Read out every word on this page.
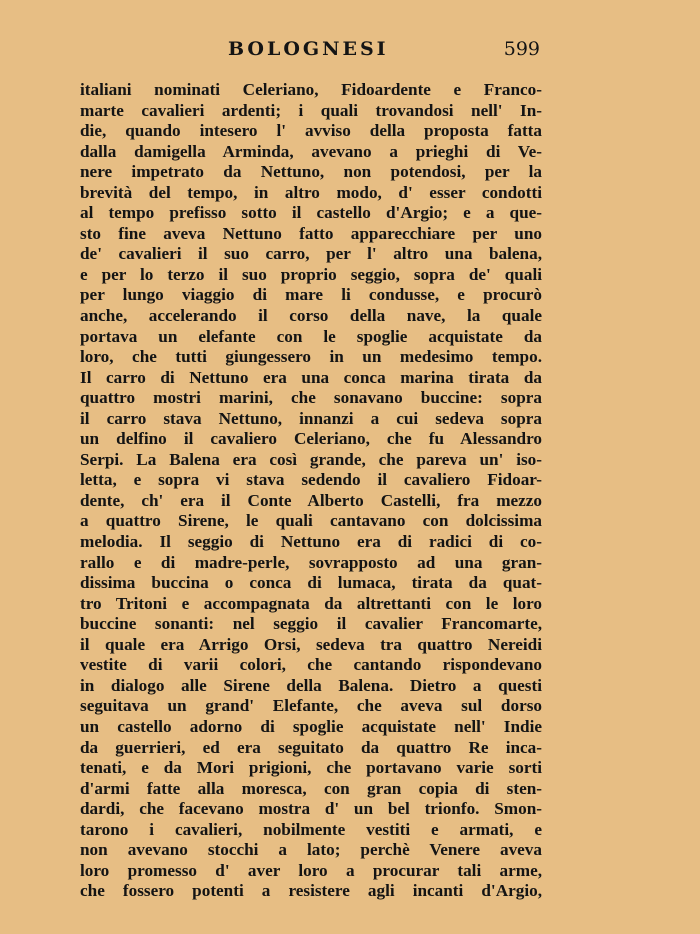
BOLOGNESI	599
italiani nominati Celeriano, Fidoardente e Franco-
marte cavalieri ardenti; i quali trovandosi nell' In-
die, quando intesero l' avviso della proposta fatta
dalla damigella Arminda, avevano a prieghi di Ve-
nere impetrato da Nettuno, non potendosi, per la
brevità del tempo, in altro modo, d' esser condotti
al tempo prefisso sotto il castello d'Argio; e a que-
sto fine aveva Nettuno fatto apparecchiare per uno
de' cavalieri il suo carro, per l' altro una balena,
e per lo terzo il suo proprio seggio, sopra de' quali
per lungo viaggio di mare li condusse, e procurò
anche, accelerando il corso della nave, la quale
portava un elefante con le spoglie acquistate da
loro, che tutti giungessero in un medesimo tempo.
Il carro di Nettuno era una conca marina tirata da
quattro mostri marini, che sonavano buccine: sopra
il carro stava Nettuno, innanzi a cui sedeva sopra
un delfino il cavaliero Celeriano, che fu Alessandro
Serpi. La Balena era così grande, che pareva un' iso-
letta, e sopra vi stava sedendo il cavaliero Fidoar-
dente, ch' era il Conte Alberto Castelli, fra mezzo
a quattro Sirene, le quali cantavano con dolcissima
melodia. Il seggio di Nettuno era di radici di co-
rallo e di madre-perle, sovrapposto ad una gran-
dissima buccina o conca di lumaca, tirata da quat-
tro Tritoni e accompagnata da altrettanti con le loro
buccine sonanti: nel seggio il cavalier Francomarte,
il quale era Arrigo Orsi, sedeva tra quattro Nereidi
vestite di varii colori, che cantando rispondevano
in dialogo alle Sirene della Balena. Dietro a questi
seguitava un grand' Elefante, che aveva sul dorso
un castello adorno di spoglie acquistate nell' Indie
da guerrieri, ed era seguitato da quattro Re inca-
tenati, e da Mori prigioni, che portavano varie sorti
d'armi fatte alla moresca, con gran copia di sten-
dardi, che facevano mostra d' un bel trionfo. Smon-
tarono i cavalieri, nobilmente vestiti e armati, e
non avevano stocchi a lato; perchè Venere aveva
loro promesso d' aver loro a procurar tali arme,
che fossero potenti a resistere agli incanti d'Argio,
